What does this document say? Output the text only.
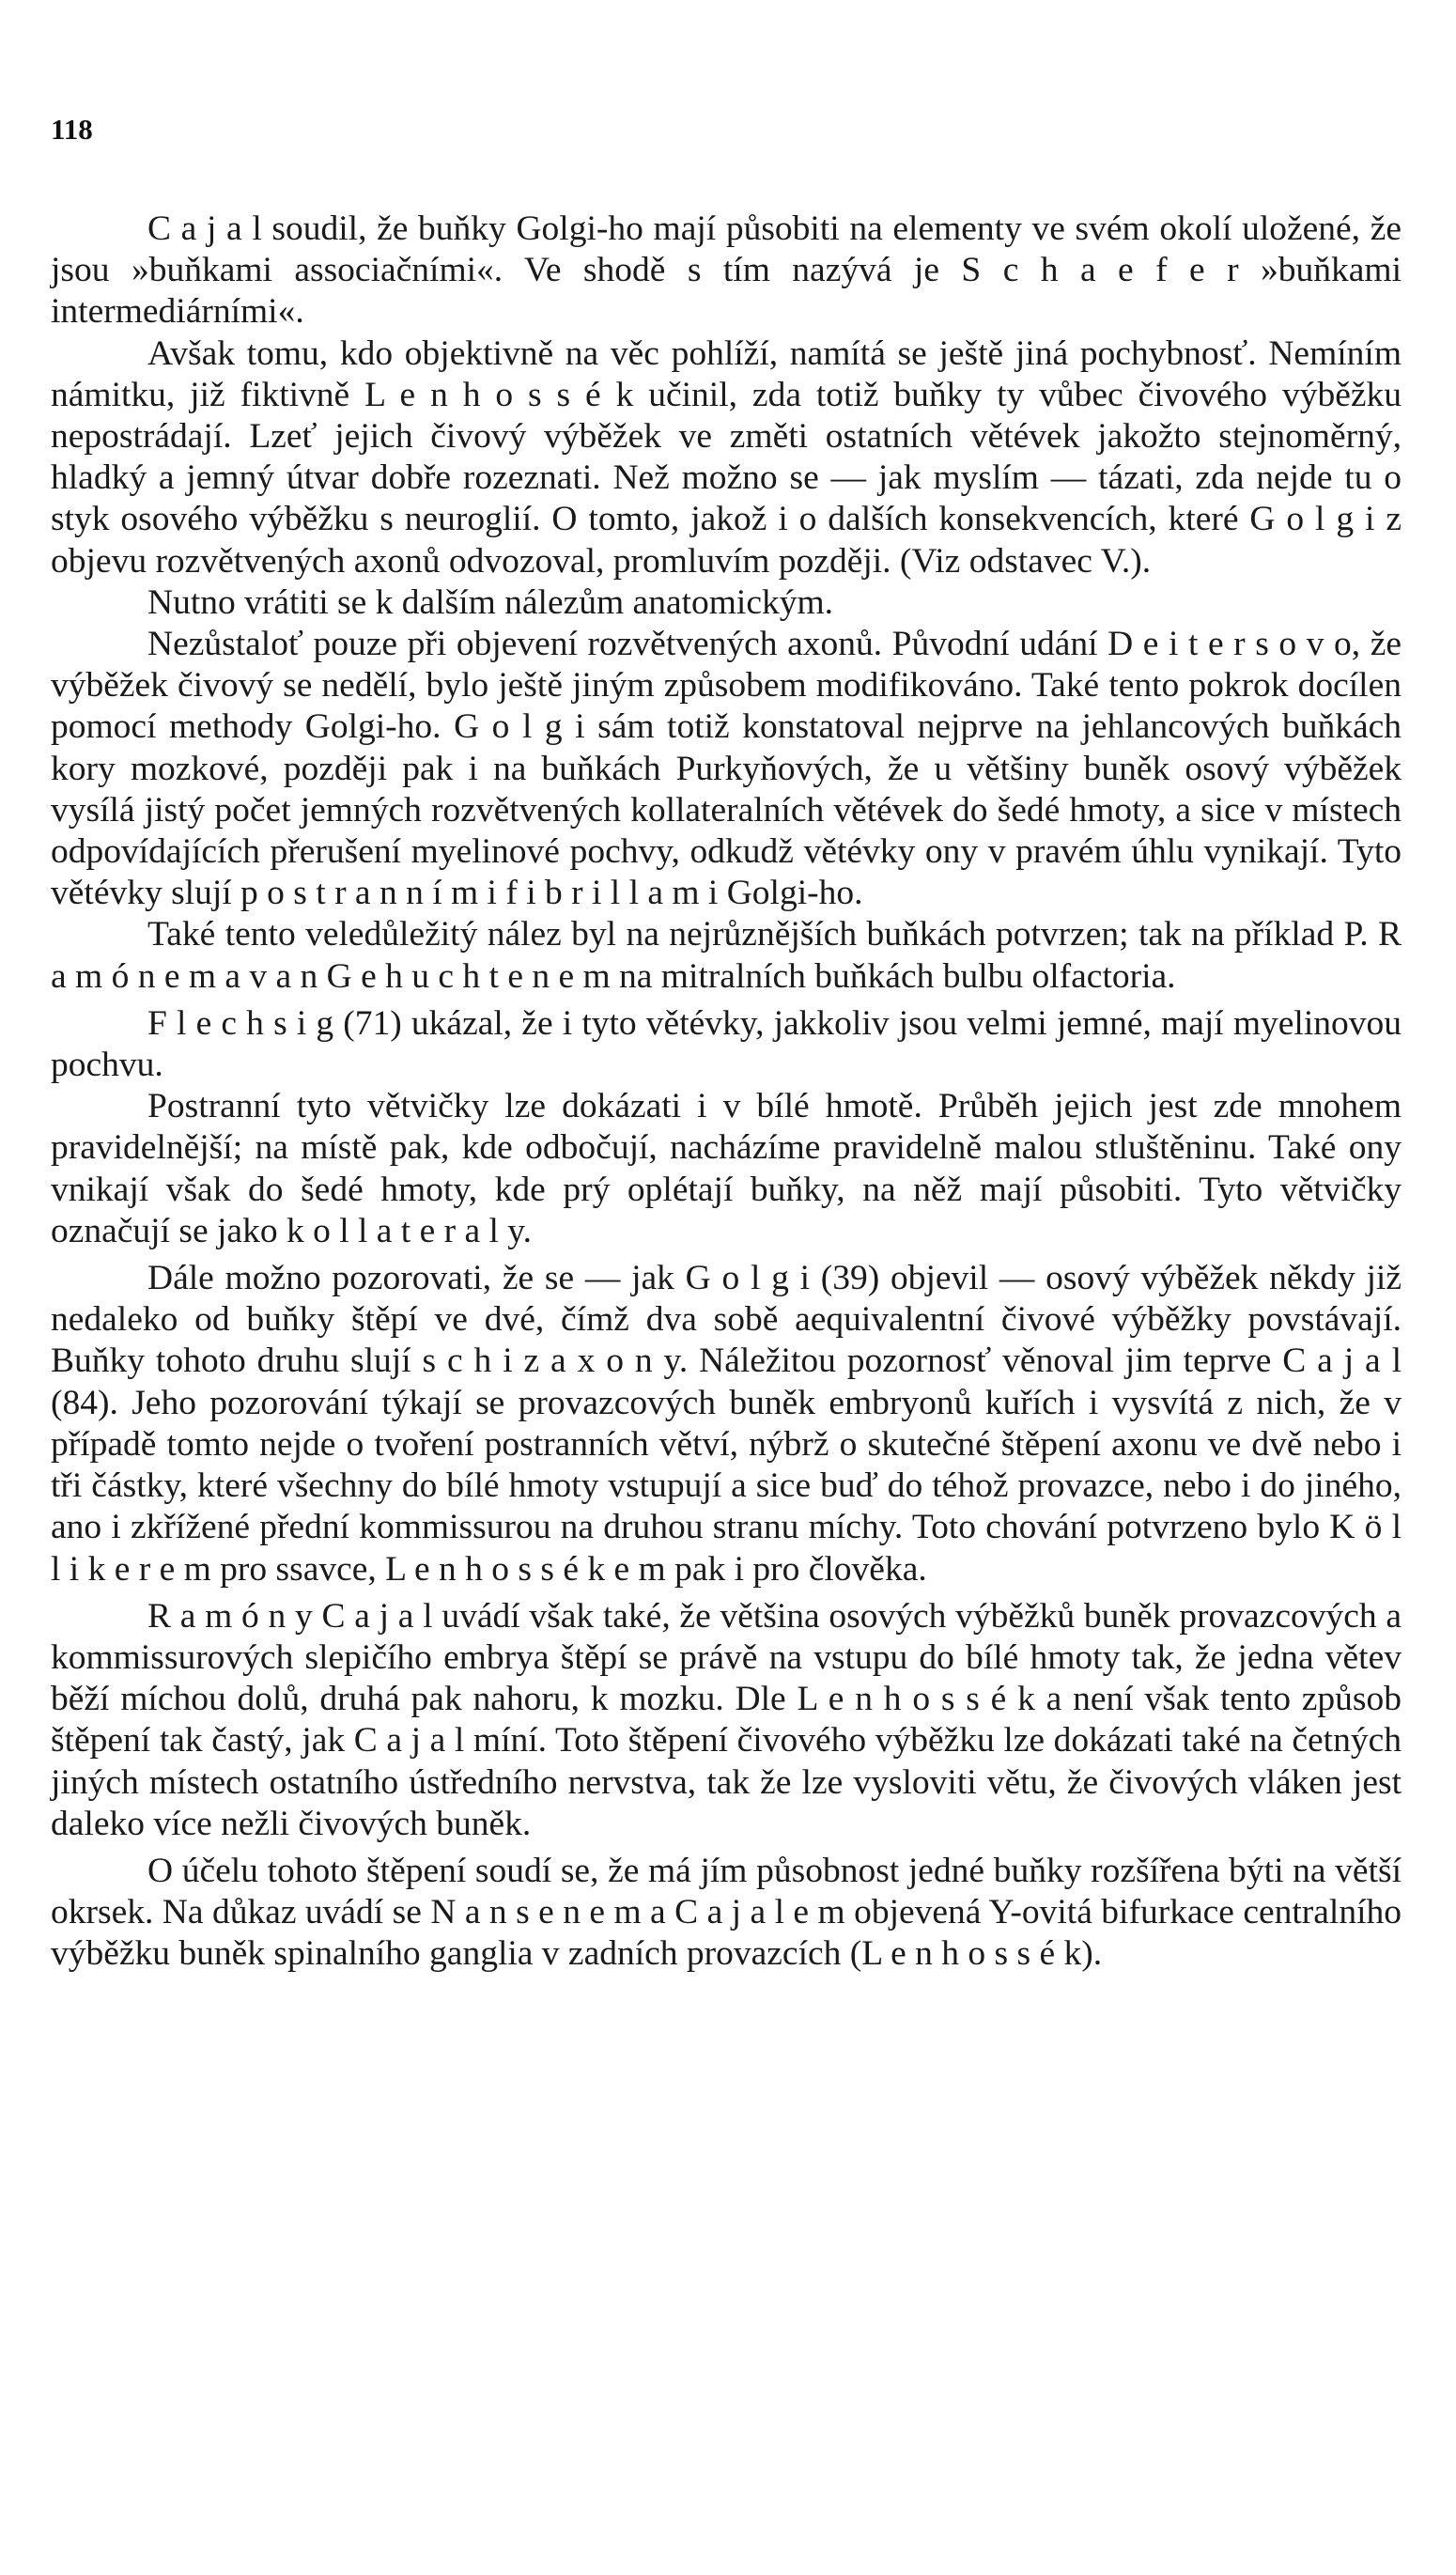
118

C a j a l soudil, že buňky Golgi-ho mají působiti na elementy ve svém okolí uložené, že jsou »buňkami associačními«. Ve shodě s tím nazývá je S c h a e f e r »buňkami intermediárními«.

Avšak tomu, kdo objektivně na věc pohlíží, namítá se ještě jiná pochybnosť. Nemíním námitku, již fiktivně L e n h o s s é k učinil, zda totiž buňky ty vůbec čivového výběžku nepostrádají. Lzeť jejich čivový výběžek ve změti ostatních větévek jakožto stejnoměrný, hladký a jemný útvar dobře rozeznati. Než možno se — jak myslím — tázati, zda nejde tu o styk osového výběžku s neuroglií. O tomto, jakož i o dalších konsekvencích, které G o l g i z objevu rozvětvených axonů odvozoval, promluvím později. (Viz odstavec V.).

Nutno vrátiti se k dalším nálezům anatomickým.

Nezůstaloť pouze při objevení rozvětvených axonů. Původní udání D e i t e r s o v o, že výběžek čivový se nedělí, bylo ještě jiným způsobem modifikováno. Také tento pokrok docílen pomocí methody Golgi-ho. G o l g i sám totiž konstatoval nejprve na jehlancových buňkách kory mozkové, později pak i na buňkách Purkyňových, že u většiny buněk osový výběžek vysílá jistý počet jemných rozvětvených kollateralních větévek do šedé hmoty, a sice v místech odpovídajících přerušení myelinové pochvy, odkudž větévky ony v pravém úhlu vynikají. Tyto větévky slují p o s t r a n n í m i f i b r i l l a m i Golgi-ho.

Také tento veledůležitý nález byl na nejrůznějších buňkách potvrzen; tak na příklad P. R a m ó n e m a v a n G e h u c h t e n e m na mitralních buňkách bulbu olfactoria.

F l e c h s i g (71) ukázal, že i tyto větévky, jakkoliv jsou velmi jemné, mají myelinovou pochvu.

Postranní tyto větvičky lze dokázati i v bílé hmotě. Průběh jejich jest zde mnohem pravidelnější; na místě pak, kde odbočují, nacházíme pravidelně malou stluštěninu. Také ony vnikají však do šedé hmoty, kde prý oplétají buňky, na něž mají působiti. Tyto větvičky označují se jako k o l l a t e r a l y.

Dále možno pozorovati, že se — jak G o l g i (39) objevil — osový výběžek někdy již nedaleko od buňky štěpí ve dvé, čímž dva sobě aequivalentní čivové výběžky povstávají. Buňky tohoto druhu slují s c h i z a x o n y. Náležitou pozornosť věnoval jim teprve C a j a l (84). Jeho pozorování týkají se provazcových buněk embryonů kuřích i vysvítá z nich, že v případě tomto nejde o tvoření postranních větví, nýbrž o skutečné štěpení axonu ve dvě nebo i tři částky, které všechny do bílé hmoty vstupují a sice buď do téhož provazce, nebo i do jiného, ano i zkřížené přední kommissurou na druhou stranu míchy. Toto chování potvrzeno bylo K ö l l i k e r e m pro ssavce, L e n h o s s é k e m pak i pro člověka.

R a m ó n y C a j a l uvádí však také, že většina osových výběžků buněk provazcových a kommissurových slepičího embrya štěpí se právě na vstupu do bílé hmoty tak, že jedna větev běží míchou dolů, druhá pak nahoru, k mozku. Dle L e n h o s s é k a není však tento způsob štěpení tak častý, jak C a j a l míní. Toto štěpení čivového výběžku lze dokázati také na četných jiných místech ostatního ústředního nervstva, tak že lze vysloviti větu, že čivových vláken jest daleko více nežli čivových buněk.

O účelu tohoto štěpení soudí se, že má jím působnost jedné buňky rozšířena býti na větší okrsek. Na důkaz uvádí se N a n s e n e m a C a j a l e m objevená Y-ovitá bifurkace centralního výběžku buněk spinalního ganglia v zadních provazcích (L e n h o s s é k).
